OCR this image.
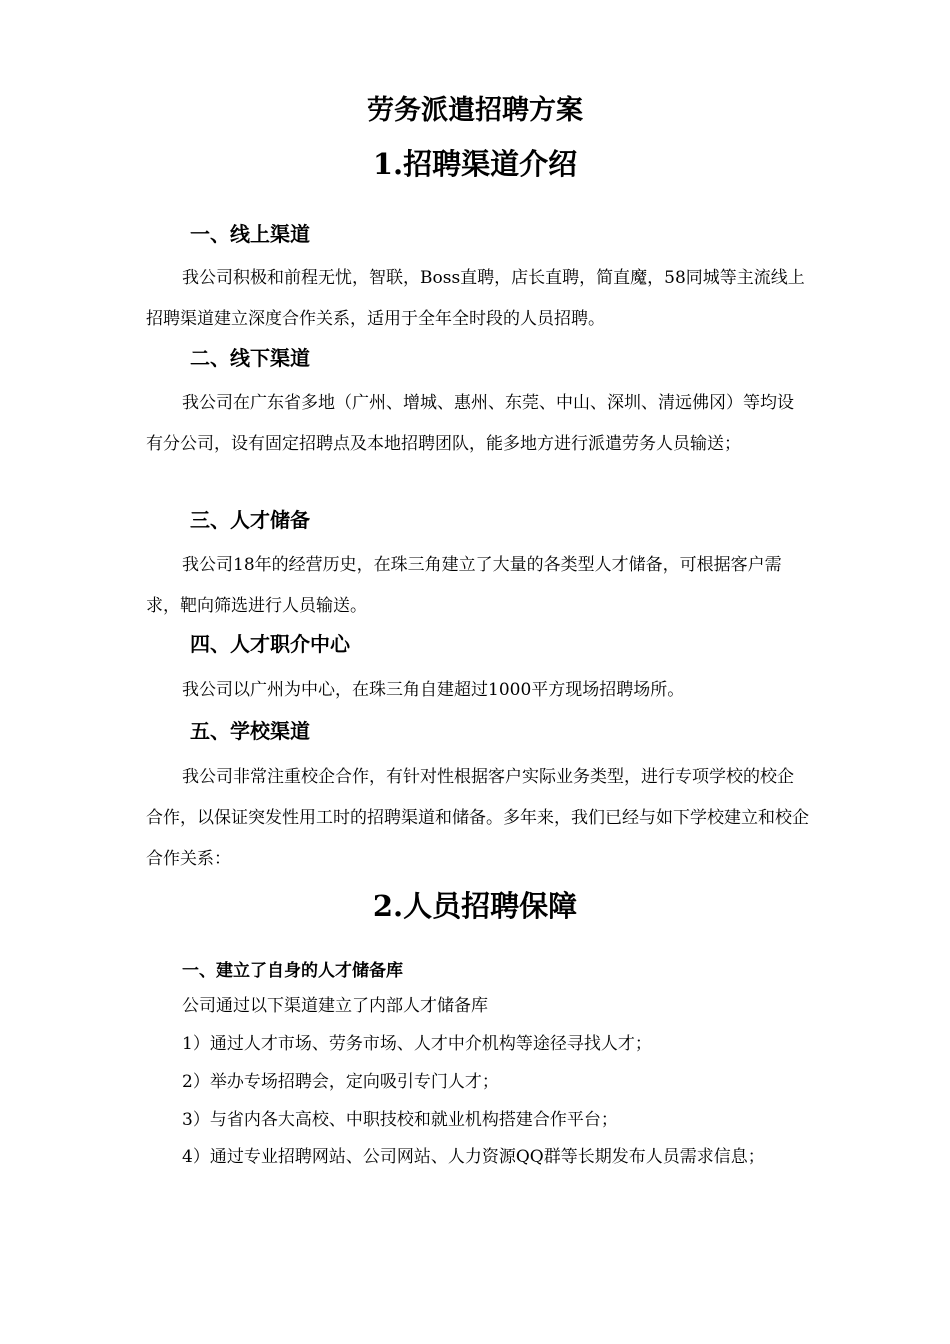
劳务派遣招聘方案
1.招聘渠道介绍
一、线上渠道
我公司积极和前程无忧，智联，Boss直聘，店长直聘，简直魔，58同城等主流线上招聘渠道建立深度合作关系，适用于全年全时段的人员招聘。
二、线下渠道
我公司在广东省多地（广州、增城、惠州、东莞、中山、深圳、清远佛冈）等均设有分公司，设有固定招聘点及本地招聘团队，能多地方进行派遣劳务人员输送；
三、人才储备
我公司18年的经营历史，在珠三角建立了大量的各类型人才储备，可根据客户需求，靶向筛选进行人员输送。
四、人才职介中心
我公司以广州为中心，在珠三角自建超过1000平方现场招聘场所。
五、学校渠道
我公司非常注重校企合作，有针对性根据客户实际业务类型，进行专项学校的校企合作，以保证突发性用工时的招聘渠道和储备。多年来，我们已经与如下学校建立和校企合作关系：
2.人员招聘保障
一、建立了自身的人才储备库
公司通过以下渠道建立了内部人才储备库
1）通过人才市场、劳务市场、人才中介机构等途径寻找人才；
2）举办专场招聘会，定向吸引专门人才；
3）与省内各大高校、中职技校和就业机构搭建合作平台；
4）通过专业招聘网站、公司网站、人力资源QQ群等长期发布人员需求信息；
